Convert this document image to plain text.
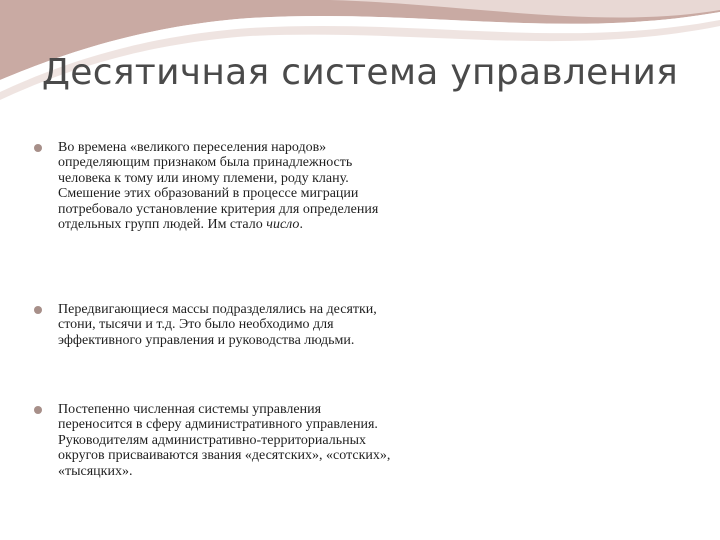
Десятичная система управления
Во времена «великого переселения народов» определяющим признаком была принадлежность человека к тому или иному племени, роду клану. Смешение этих образований в процессе миграции потребовало установление критерия для определения отдельных групп людей. Им стало число.
Передвигающиеся массы подразделялись на десятки, стони, тысячи и т.д. Это было необходимо для эффективного управления и руководства людьми.
Постепенно численная системы управления переносится в сферу административного управления. Руководителям административно-территориальных округов присваиваются звания «десятских», «сотских», «тысяцких».
